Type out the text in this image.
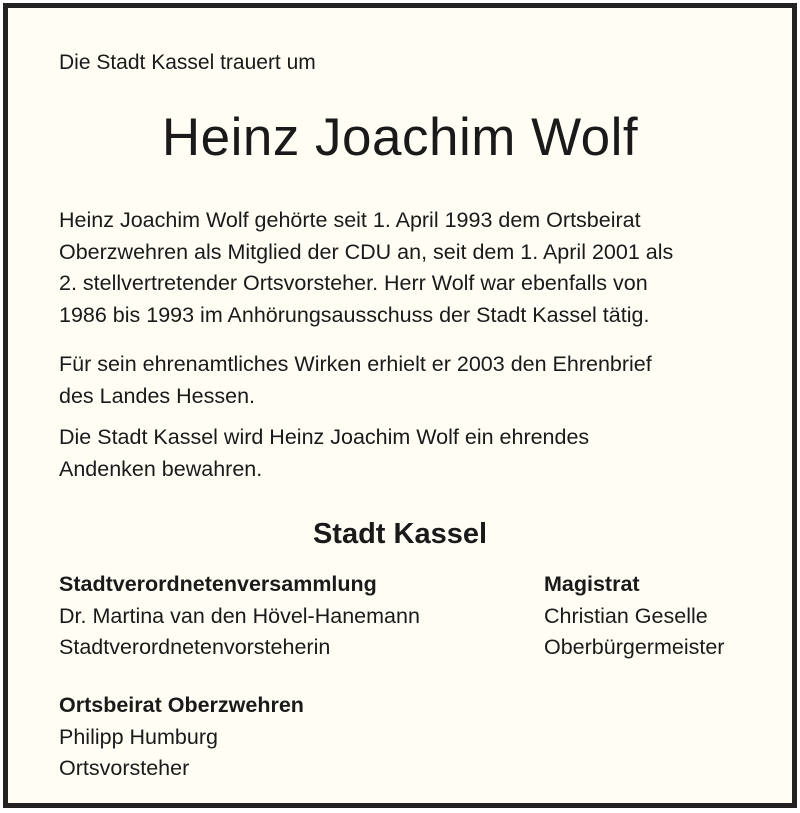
Die Stadt Kassel trauert um
Heinz Joachim Wolf
Heinz Joachim Wolf gehörte seit 1. April 1993 dem Ortsbeirat
Oberzwehren als Mitglied der CDU an, seit dem 1. April 2001 als
2. stellvertretender Ortsvorsteher. Herr Wolf war ebenfalls von
1986 bis 1993 im Anhörungsausschuss der Stadt Kassel tätig.
Für sein ehrenamtliches Wirken erhielt er 2003 den Ehrenbrief
des Landes Hessen.
Die Stadt Kassel wird Heinz Joachim Wolf ein ehrendes
Andenken bewahren.
Stadt Kassel
Stadtverordnetenversammlung
Dr. Martina van den Hövel-Hanemann
Stadtverordnetenvorsteherin
Magistrat
Christian Geselle
Oberbürgermeister
Ortsbeirat Oberzwehren
Philipp Humburg
Ortsvorsteher
